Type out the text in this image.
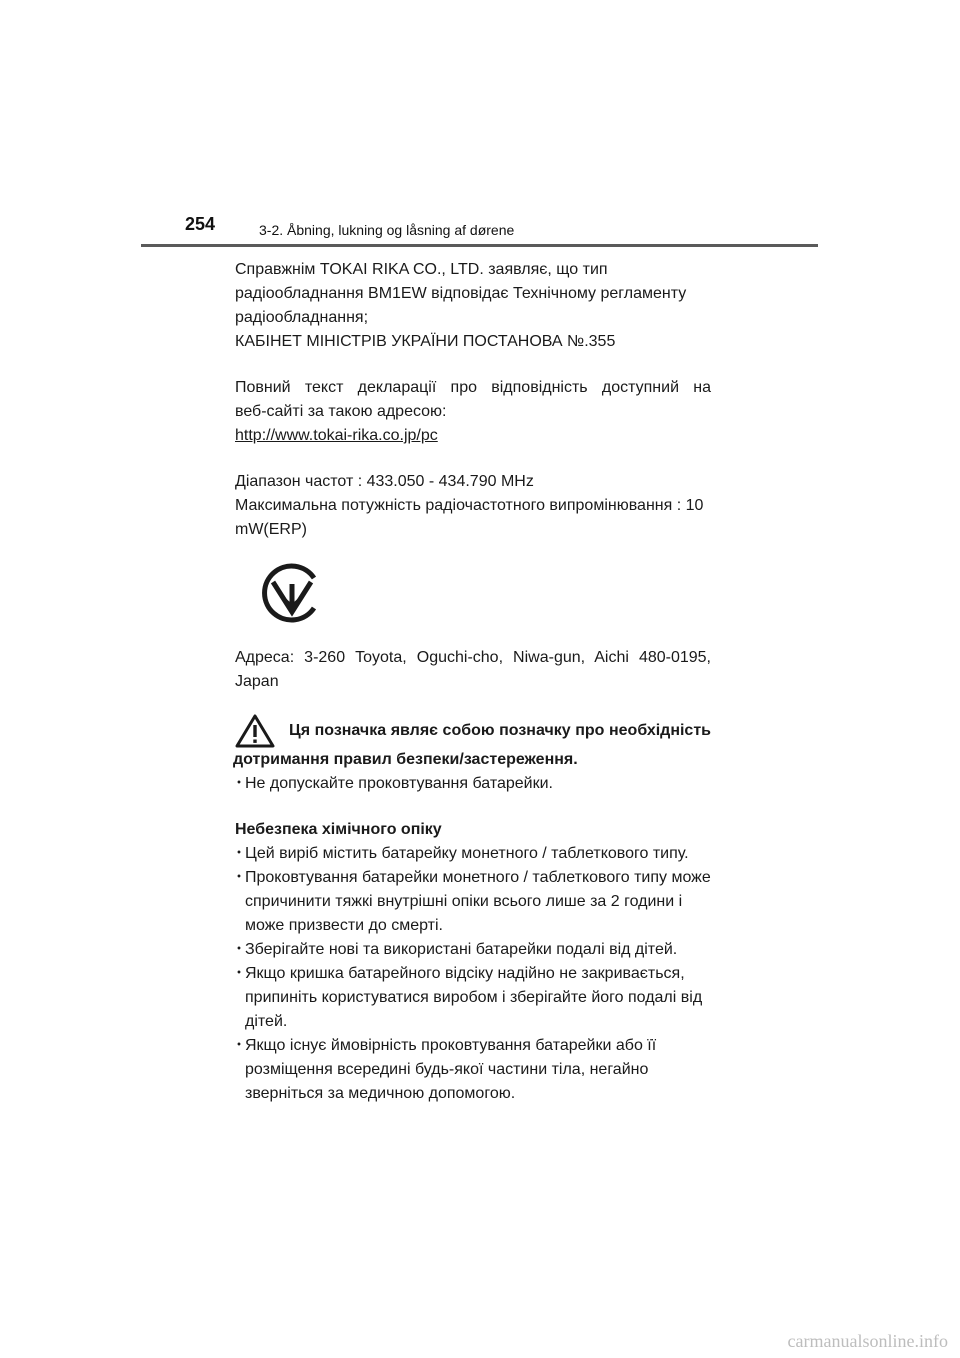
254	3-2. Åbning, lukning og låsning af dørene

Справжнім TOKAI RIKA CO., LTD. заявляє, що тип

радіообладнання BM1EW відповідає Технічному регламенту

радіообладнання;

КАБІНЕТ МІНІСТРІВ УКРАЇНИ ПОСТАНОВА №.355

Повний текст декларації про відповідність доступний на

веб-сайті за такою адресою:

http://www.tokai-rika.co.jp/pc

Діапазон частот : 433.050 - 434.790 MHz

Максимальна потужність радіочастотного випромінювання : 10

mW(ERP)

Адреса: 3-260 Toyota, Oguchi-cho, Niwa-gun, Aichi 480-0195,

Japan

Ця позначка являє собою позначку про необхідність

дотримання правил безпеки/застереження.

･ Не допускайте проковтування батарейки.

Небезпека хімічного опіку

･ Цей виріб містить батарейку монетного / таблеткового типу.
･ Проковтування батарейки монетного / таблеткового типу може
спричинити тяжкі внутрішні опіки всього лише за 2 години і
може призвести до смерті.
･ Зберігайте нові та використані батарейки подалі від дітей.
･ Якщо кришка батарейного відсіку надійно не закривається,
припиніть користуватися виробом і зберігайте його подалі від
дітей.
･ Якщо існує ймовірність проковтування батарейки або її
розміщення всередині будь-якої частини тіла, негайно
зверніться за медичною допомогою.
carmanualsonline.info
